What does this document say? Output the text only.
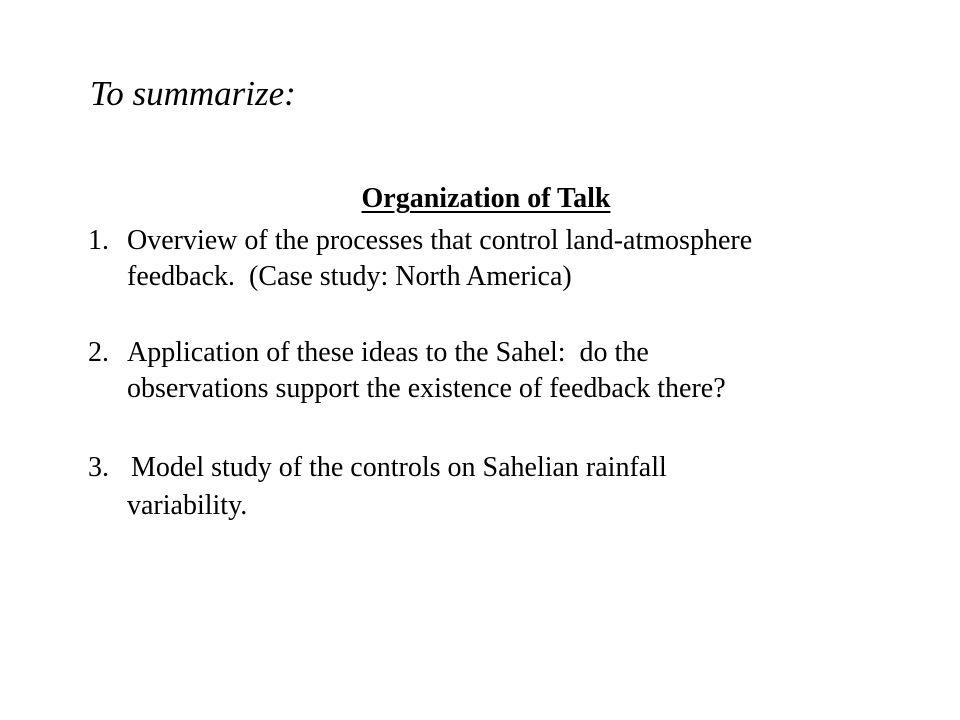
To summarize:

Organization of Talk

1. Overview of the processes that control land-atmosphere
feedback.  (Case study: North America)
2. Application of these ideas to the Sahel:  do the
observations support the existence of feedback there?
3. Model study of the controls on Sahelian rainfall
variability.
